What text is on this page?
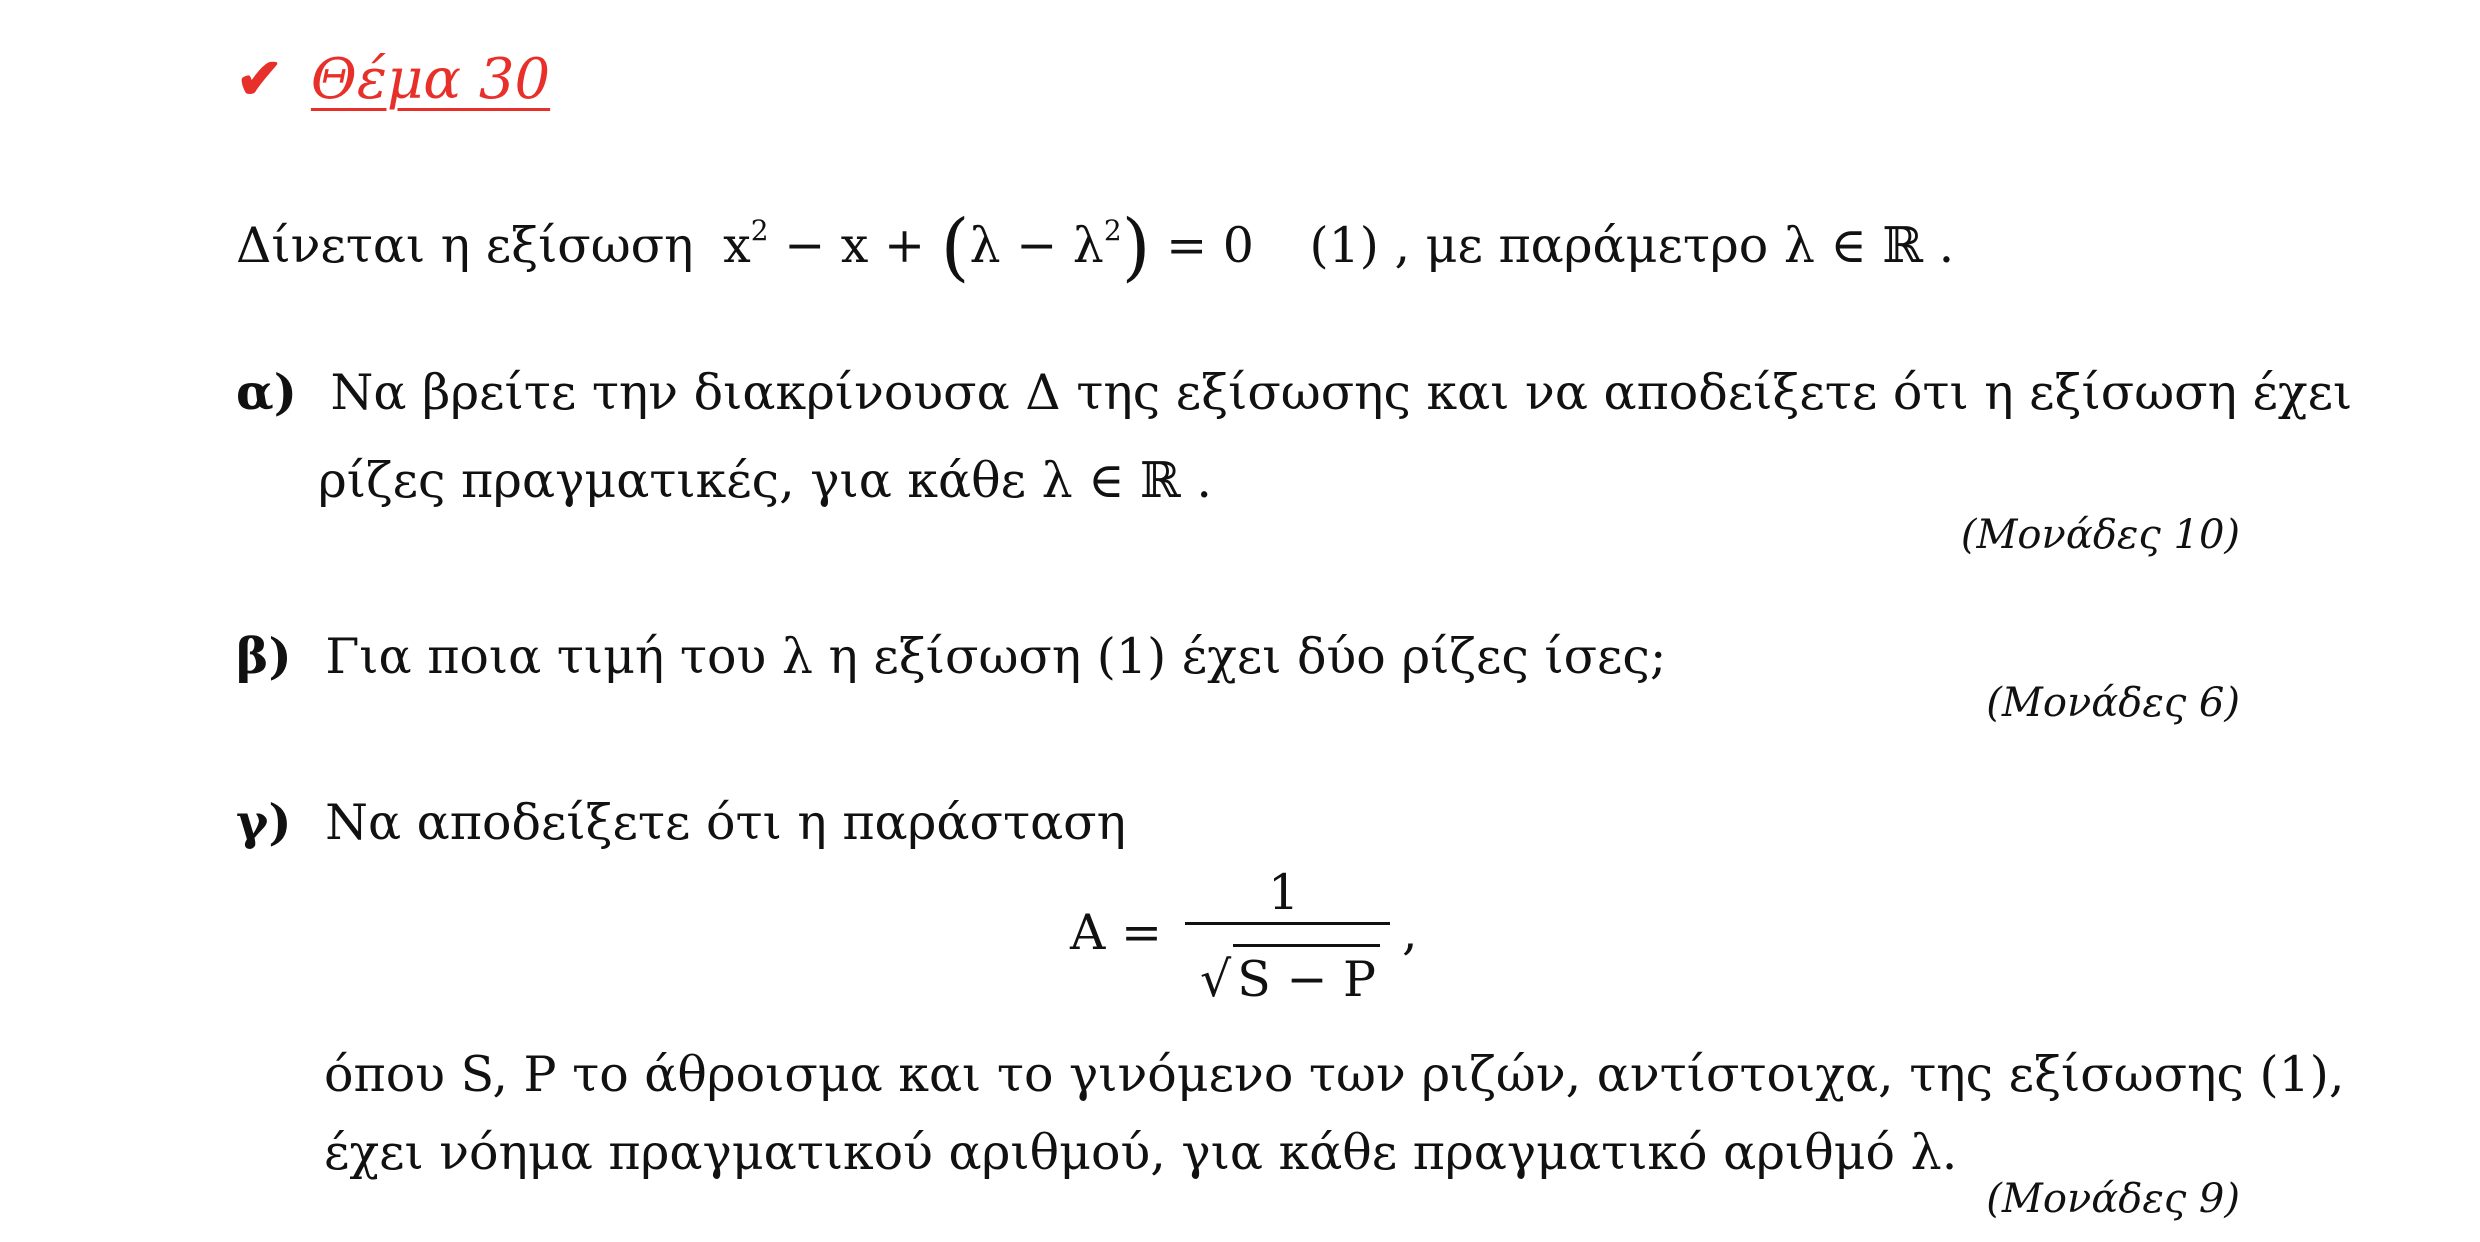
✔ Θέμα 30
Δίνεται η εξίσωση $x^2 - x + (\lambda - \lambda^2) = 0$ (1) , με παράμετρο λ ∈ ℝ .
α) Να βρείτε την διακρίνουσα Δ της εξίσωσης και να αποδείξετε ότι η εξίσωση έχει
ρίζες πραγματικές, για κάθε λ ∈ ℝ .
(Μονάδες 10)
β) Για ποια τιμή του λ η εξίσωση (1) έχει δύο ρίζες ίσες;
(Μονάδες 6)
γ) Να αποδείξετε ότι η παράσταση
A =
1
,
√ S − P
όπου S, P το άθροισμα και το γινόμενο των ριζών, αντίστοιχα, της εξίσωσης (1),
έχει νόημα πραγματικού αριθμού, για κάθε πραγματικό αριθμό λ.
(Μονάδες 9)
